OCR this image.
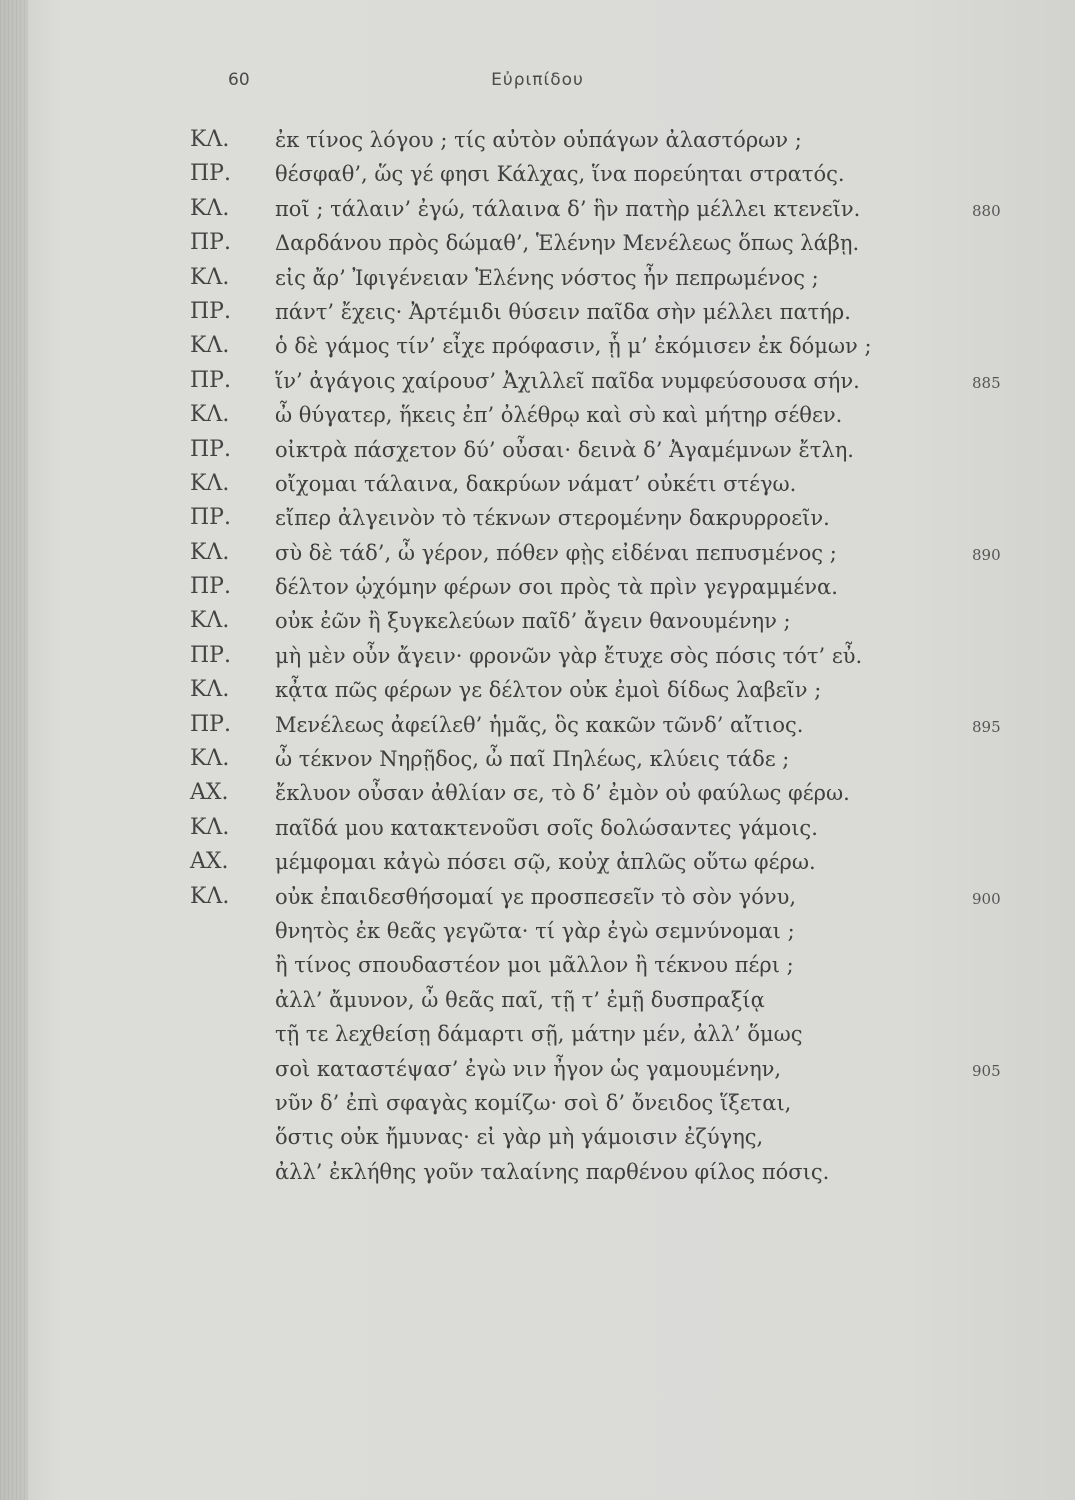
60	Εὐριπίδου
ΚΛ. ἐκ τίνος λόγου ; τίς αὐτὸν οὑπάγων ἀλαστόρων ;
ΠΡ. θέσφαθ’, ὥς γέ φησι Κάλχας, ἵνα πορεύηται στρατός.
ΚΛ. ποῖ ; τάλαιν’ ἐγώ, τάλαινα δ’ ἣν πατὴρ μέλλει κτενεῖν.	880
ΠΡ. Δαρδάνου πρὸς δώμαθ’, Ἑλένην Μενέλεως ὅπως λάβῃ.
ΚΛ. εἰς ἄρ’ Ἰφιγένειαν Ἑλένης νόστος ἦν πεπρωμένος ;
ΠΡ. πάντ’ ἔχεις· Ἀρτέμιδι θύσειν παῖδα σὴν μέλλει πατήρ.
ΚΛ. ὁ δὲ γάμος τίν’ εἶχε πρόφασιν, ᾗ μ’ ἐκόμισεν ἐκ δόμων ;
ΠΡ. ἵν’ ἀγάγοις χαίρουσ’ Ἀχιλλεῖ παῖδα νυμφεύσουσα σήν.	885
ΚΛ. ὦ θύγατερ, ἥκεις ἐπ’ ὀλέθρῳ καὶ σὺ καὶ μήτηρ σέθεν.
ΠΡ. οἰκτρὰ πάσχετον δύ’ οὖσαι· δεινὰ δ’ Ἀγαμέμνων ἔτλη.
ΚΛ. οἴχομαι τάλαινα, δακρύων νάματ’ οὐκέτι στέγω.
ΠΡ. εἴπερ ἀλγεινὸν τὸ τέκνων στερομένην δακρυρροεῖν.
ΚΛ. σὺ δὲ τάδ’, ὦ γέρον, πόθεν φῂς εἰδέναι πεπυσμένος ;	890
ΠΡ. δέλτον ᾠχόμην φέρων σοι πρὸς τὰ πρὶν γεγραμμένα.
ΚΛ. οὐκ ἐῶν ἢ ξυγκελεύων παῖδ’ ἄγειν θανουμένην ;
ΠΡ. μὴ μὲν οὖν ἄγειν· φρονῶν γὰρ ἔτυχε σὸς πόσις τότ’ εὖ.
ΚΛ. κᾆτα πῶς φέρων γε δέλτον οὐκ ἐμοὶ δίδως λαβεῖν ;
ΠΡ. Μενέλεως ἀφείλεθ’ ἡμᾶς, ὃς κακῶν τῶνδ’ αἴτιος.	895
ΚΛ. ὦ τέκνον Νηρῇδος, ὦ παῖ Πηλέως, κλύεις τάδε ;
ΑΧ. ἔκλυον οὖσαν ἀθλίαν σε, τὸ δ’ ἐμὸν οὐ φαύλως φέρω.
ΚΛ. παῖδά μου κατακτενοῦσι σοῖς δολώσαντες γάμοις.
ΑΧ. μέμφομαι κἀγὼ πόσει σῷ, κοὐχ ἁπλῶς οὕτω φέρω.
ΚΛ. οὐκ ἐπαιδεσθήσομαί γε προσπεσεῖν τὸ σὸν γόνυ,	900
θνητὸς ἐκ θεᾶς γεγῶτα· τί γὰρ ἐγὼ σεμνύνομαι ;
ἢ τίνος σπουδαστέον μοι μᾶλλον ἢ τέκνου πέρι ;
ἀλλ’ ἄμυνον, ὦ θεᾶς παῖ, τῇ τ’ ἐμῇ δυσπραξίᾳ
τῇ τε λεχθείσῃ δάμαρτι σῇ, μάτην μέν, ἀλλ’ ὅμως
σοὶ καταστέψασ’ ἐγὼ νιν ἦγον ὡς γαμουμένην,	905
νῦν δ’ ἐπὶ σφαγὰς κομίζω· σοὶ δ’ ὄνειδος ἵξεται,
ὅστις οὐκ ἤμυνας· εἰ γὰρ μὴ γάμοισιν ἐζύγης,
ἀλλ’ ἐκλήθης γοῦν ταλαίνης παρθένου φίλος πόσις.
